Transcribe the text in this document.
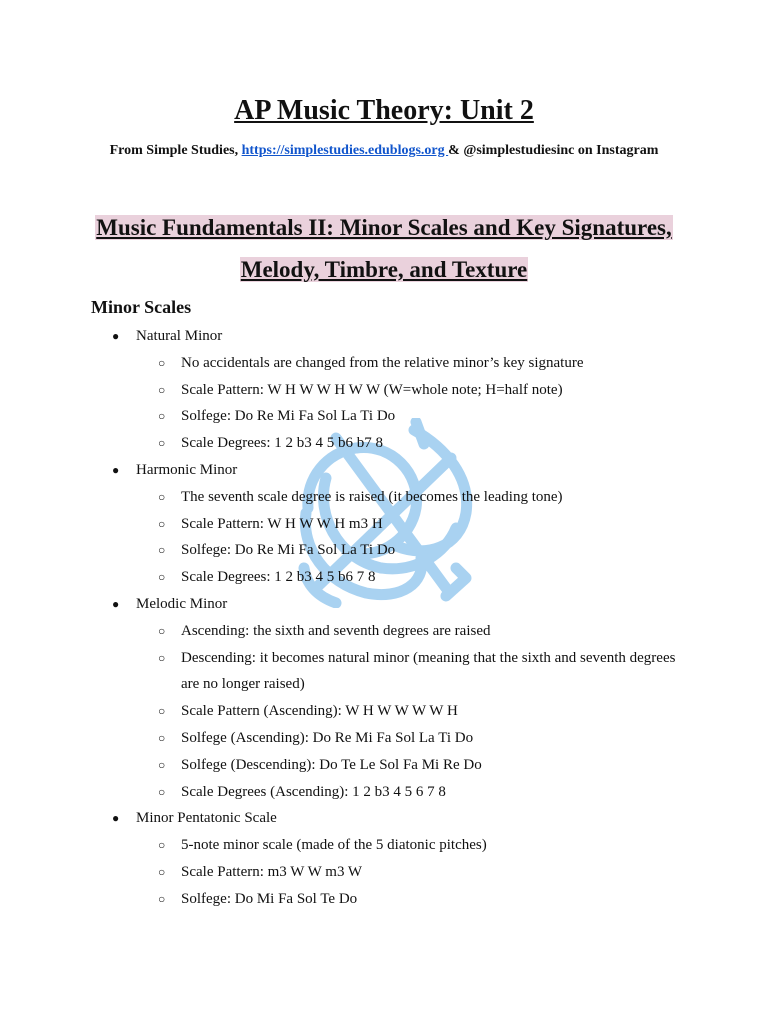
AP Music Theory: Unit 2
From Simple Studies, https://simplestudies.edublogs.org & @simplestudiesinc on Instagram
Music Fundamentals II: Minor Scales and Key Signatures,
Melody, Timbre, and Texture
Minor Scales
● Natural Minor
○ No accidentals are changed from the relative minor’s key signature
○ Scale Pattern: W H W W H W W (W=whole note; H=half note)
○ Solfege: Do Re Mi Fa Sol La Ti Do
○ Scale Degrees: 1 2 b3 4 5 b6 b7 8
● Harmonic Minor
○ The seventh scale degree is raised (it becomes the leading tone)
○ Scale Pattern: W H W W H m3 H
○ Solfege: Do Re Mi Fa Sol La Ti Do
○ Scale Degrees: 1 2 b3 4 5 b6 7 8
● Melodic Minor
○ Ascending: the sixth and seventh degrees are raised
○ Descending: it becomes natural minor (meaning that the sixth and seventh degrees are no longer raised)
○ Scale Pattern (Ascending): W H W W W W H
○ Solfege (Ascending): Do Re Mi Fa Sol La Ti Do
○ Solfege (Descending): Do Te Le Sol Fa Mi Re Do
○ Scale Degrees (Ascending): 1 2 b3 4 5 6 7 8
● Minor Pentatonic Scale
○ 5-note minor scale (made of the 5 diatonic pitches)
○ Scale Pattern: m3 W W m3 W
○ Solfege: Do Mi Fa Sol Te Do
